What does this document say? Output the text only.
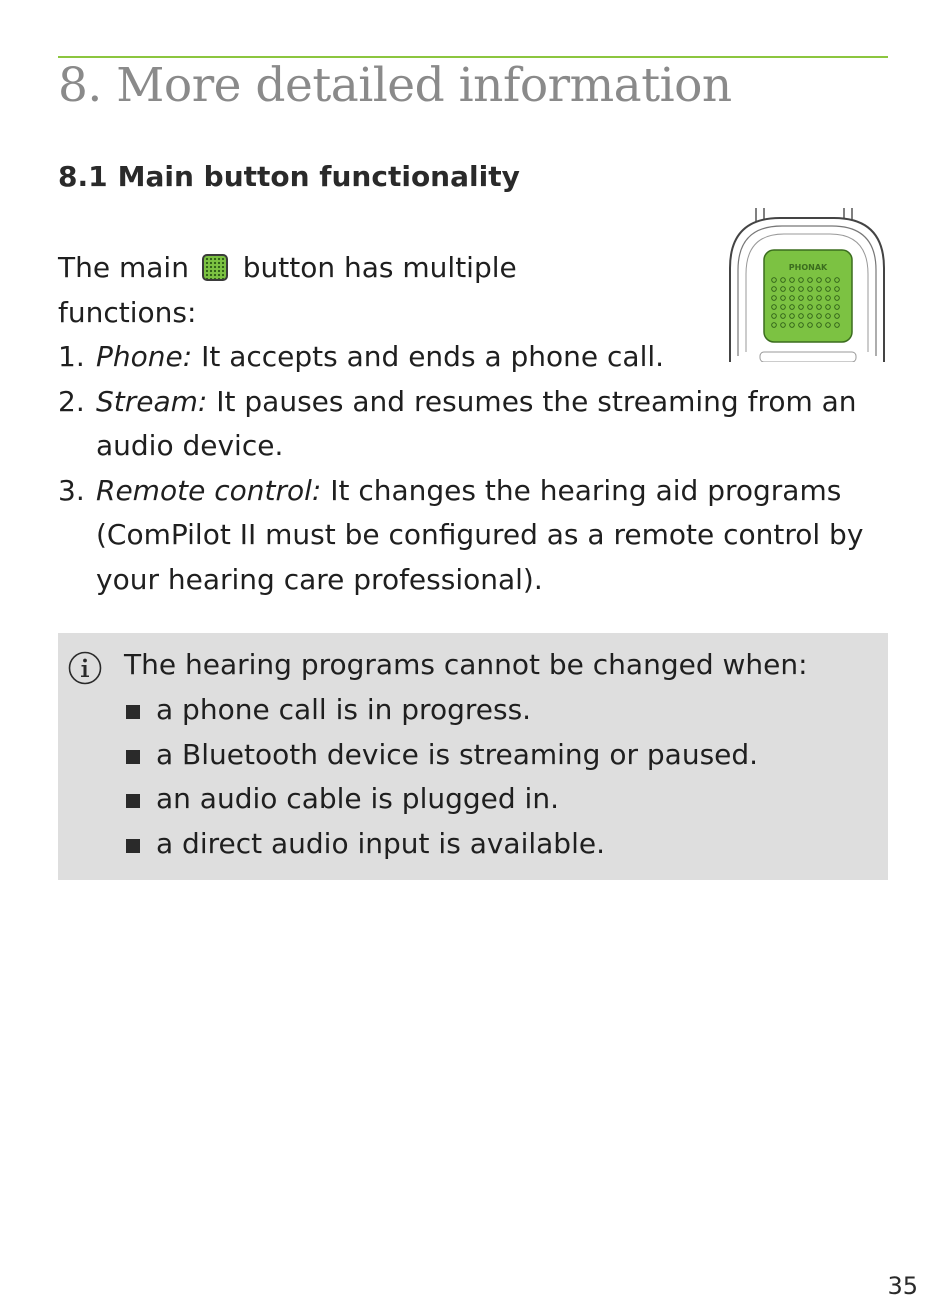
8. More detailed information
8.1 Main button functionality
The main button has multiple functions:
PHONAK
1. Phone: It accepts and ends a phone call.
2. Stream: It pauses and resumes the streaming from an audio device.
3. Remote control: It changes the hearing aid programs (ComPilot II must be configured as a remote control by your hearing care professional).
The hearing programs cannot be changed when:
a phone call is in progress.
a Bluetooth device is streaming or paused.
an audio cable is plugged in.
a direct audio input is available.
35
